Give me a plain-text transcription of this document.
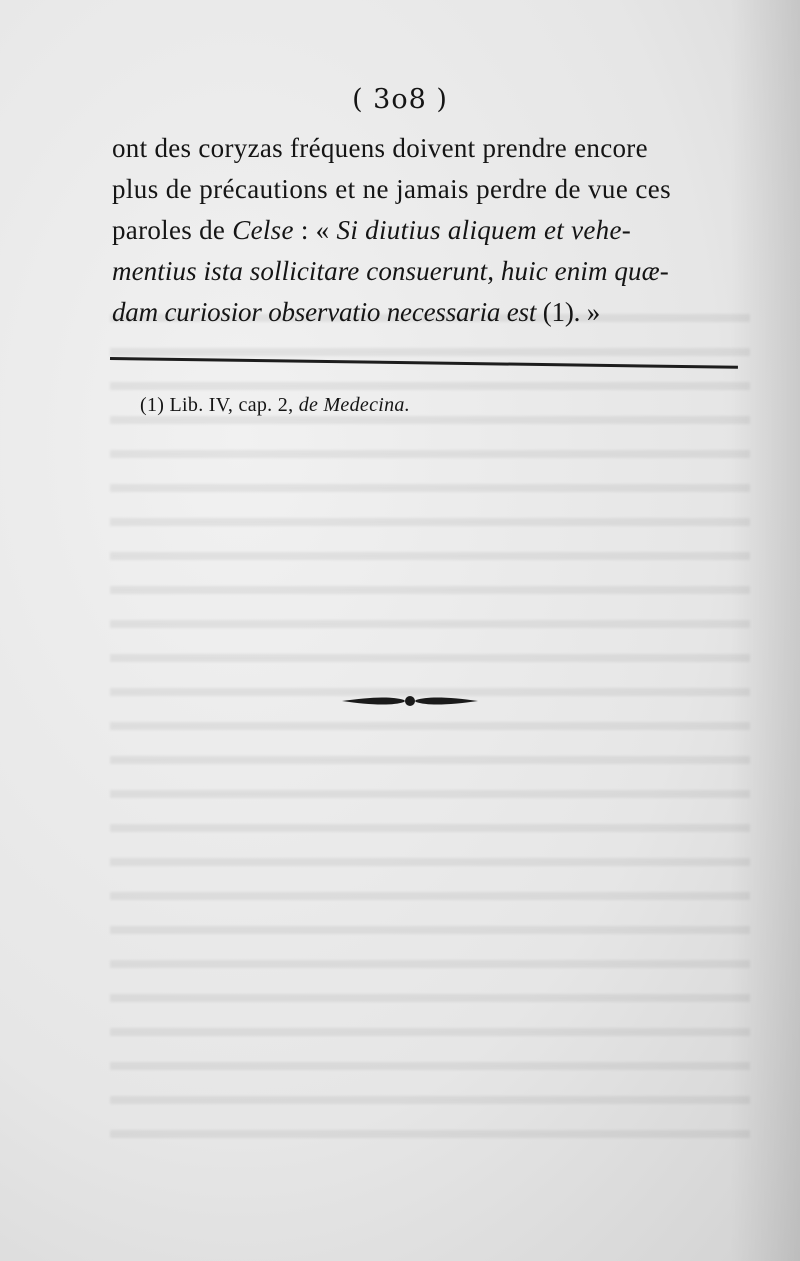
( 3o8 )
ont des coryzas fréquens doivent prendre encore
plus de précautions et ne jamais perdre de vue ces
paroles de Celse : « Si diutius aliquem et vehe-
mentius ista sollicitare consuerunt, huic enim quæ-
dam curiosior observatio necessaria est (1). »
(1) Lib. IV, cap. 2, de Medecina.
